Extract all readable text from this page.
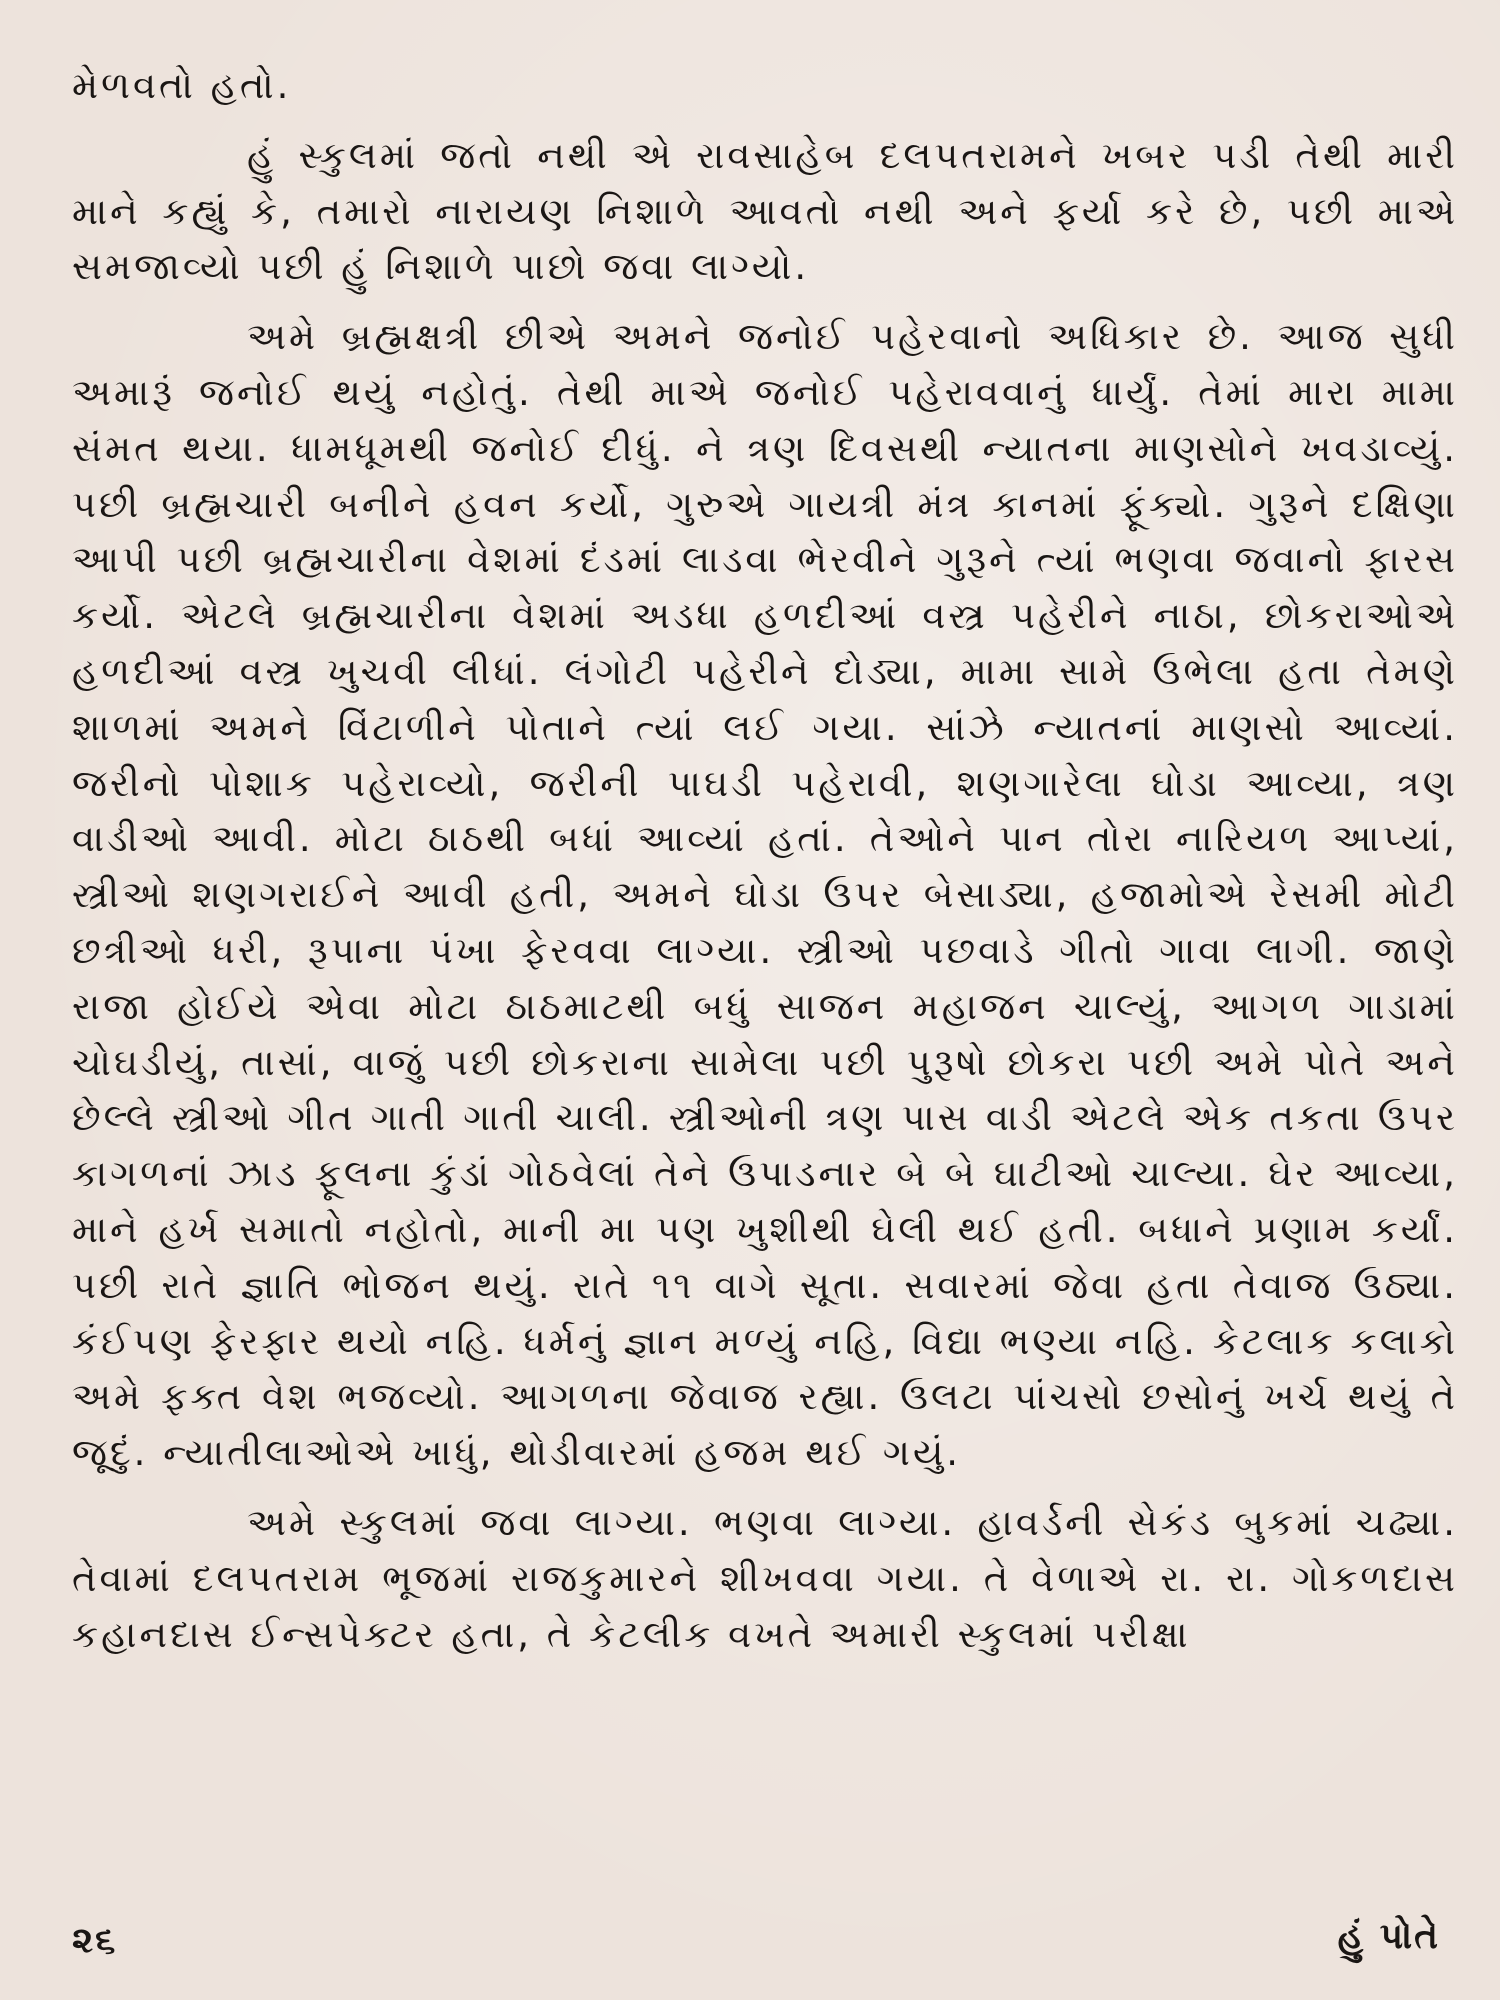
મેળવતો હતો.

હું સ્કુલમાં જતો નથી એ રાવસાહેબ દલપતરામને ખબર પડી તેથી મારી માને કહ્યું કે, તમારો નારાયણ નિશાળે આવતો નથી અને ફર્યા કરે છે, પછી માએ સમજાવ્યો પછી હું નિશાળે પાછો જવા લાગ્યો.

અમે બ્રહ્મક્ષત્રી છીએ અમને જનોઈ પહેરવાનો અધિકાર છે. આજ સુધી અમારૂં જનોઈ થયું નહોતું. તેથી માએ જનોઈ પહેરાવવાનું ધાર્યું. તેમાં મારા મામા સંમત થયા. ધામધૂમથી જનોઈ દીધું. ને ત્રણ દિવસથી ન્યાતના માણસોને ખવડાવ્યું. પછી બ્રહ્મચારી બનીને હવન કર્યો, ગુરુએ ગાયત્રી મંત્ર કાનમાં ફૂંક્યો. ગુરૂને દક્ષિણા આપી પછી બ્રહ્મચારીના વેશમાં દંડમાં લાડવા ભેરવીને ગુરૂને ત્યાં ભણવા જવાનો ફારસ કર્યો. એટલે બ્રહ્મચારીના વેશમાં અડધા હળદીઆં વસ્ત્ર પહેરીને નાઠા, છોકરાઓએ હળદીઆં વસ્ત્ર ખુચવી લીધાં. લંગોટી પહેરીને દોડ્યા, મામા સામે ઉભેલા હતા તેમણે શાળમાં અમને વિંટાળીને પોતાને ત્યાં લઈ ગયા. સાંઝે ન્યાતનાં માણસો આવ્યાં. જરીનો પોશાક પહેરાવ્યો, જરીની પાઘડી પહેરાવી, શણગારેલા ઘોડા આવ્યા, ત્રણ વાડીઓ આવી. મોટા ઠાઠથી બધાં આવ્યાં હતાં. તેઓને પાન તોરા નારિયળ આપ્યાં, સ્ત્રીઓ શણગરાઈને આવી હતી, અમને ઘોડા ઉપર બેસાડ્યા, હજામોએ રેસમી મોટી છત્રીઓ ધરી, રૂપાના પંખા ફેરવવા લાગ્યા. સ્ત્રીઓ પછવાડે ગીતો ગાવા લાગી. જાણે રાજા હોઈયે એવા મોટા ઠાઠમાટથી બધું સાજન મહાજન ચાલ્યું, આગળ ગાડામાં ચોઘડીયું, તાસાં, વાજું પછી છોકરાના સામેલા પછી પુરૂષો છોકરા પછી અમે પોતે અને છેલ્લે સ્ત્રીઓ ગીત ગાતી ગાતી ચાલી. સ્ત્રીઓની ત્રણ પાસ વાડી એટલે એક તકતા ઉપર કાગળનાં ઝાડ ફૂલના કુંડાં ગોઠવેલાં તેને ઉપાડનાર બે બે ઘાટીઓ ચાલ્યા. ઘેર આવ્યા, માને હર્ખ સમાતો નહોતો, માની મા પણ ખુશીથી ઘેલી થઈ હતી. બધાને પ્રણામ કર્યાં. પછી રાતે જ્ઞાતિ ભોજન થયું. રાતે ૧૧ વાગે સૂતા. સવારમાં જેવા હતા તેવાજ ઉઠ્યા. કંઈપણ ફેરફાર થયો નહિ. ધર્મનું જ્ઞાન મળ્યું નહિ, વિદ્યા ભણ્યા નહિ. કેટલાક કલાકો અમે ફક્ત વેશ ભજવ્યો. આગળના જેવાજ રહ્યા. ઉલટા પાંચસો છસોનું ખર્ચ થયું તે જૂદું. ન્યાતીલાઓએ ખાધું, થોડીવારમાં હજમ થઈ ગયું.

અમે સ્કુલમાં જવા લાગ્યા. ભણવા લાગ્યા. હાવર્ડની સેકંડ બુકમાં ચઢ્યા. તેવામાં દલપતરામ ભૂજમાં રાજકુમારને શીખવવા ગયા. તે વેળાએ રા. રા. ગોકળદાસ કહાનદાસ ઈન્સપેક્ટર હતા, તે કેટલીક વખતે અમારી સ્કુલમાં પરીક્ષા

૨૬	હું પોતે
